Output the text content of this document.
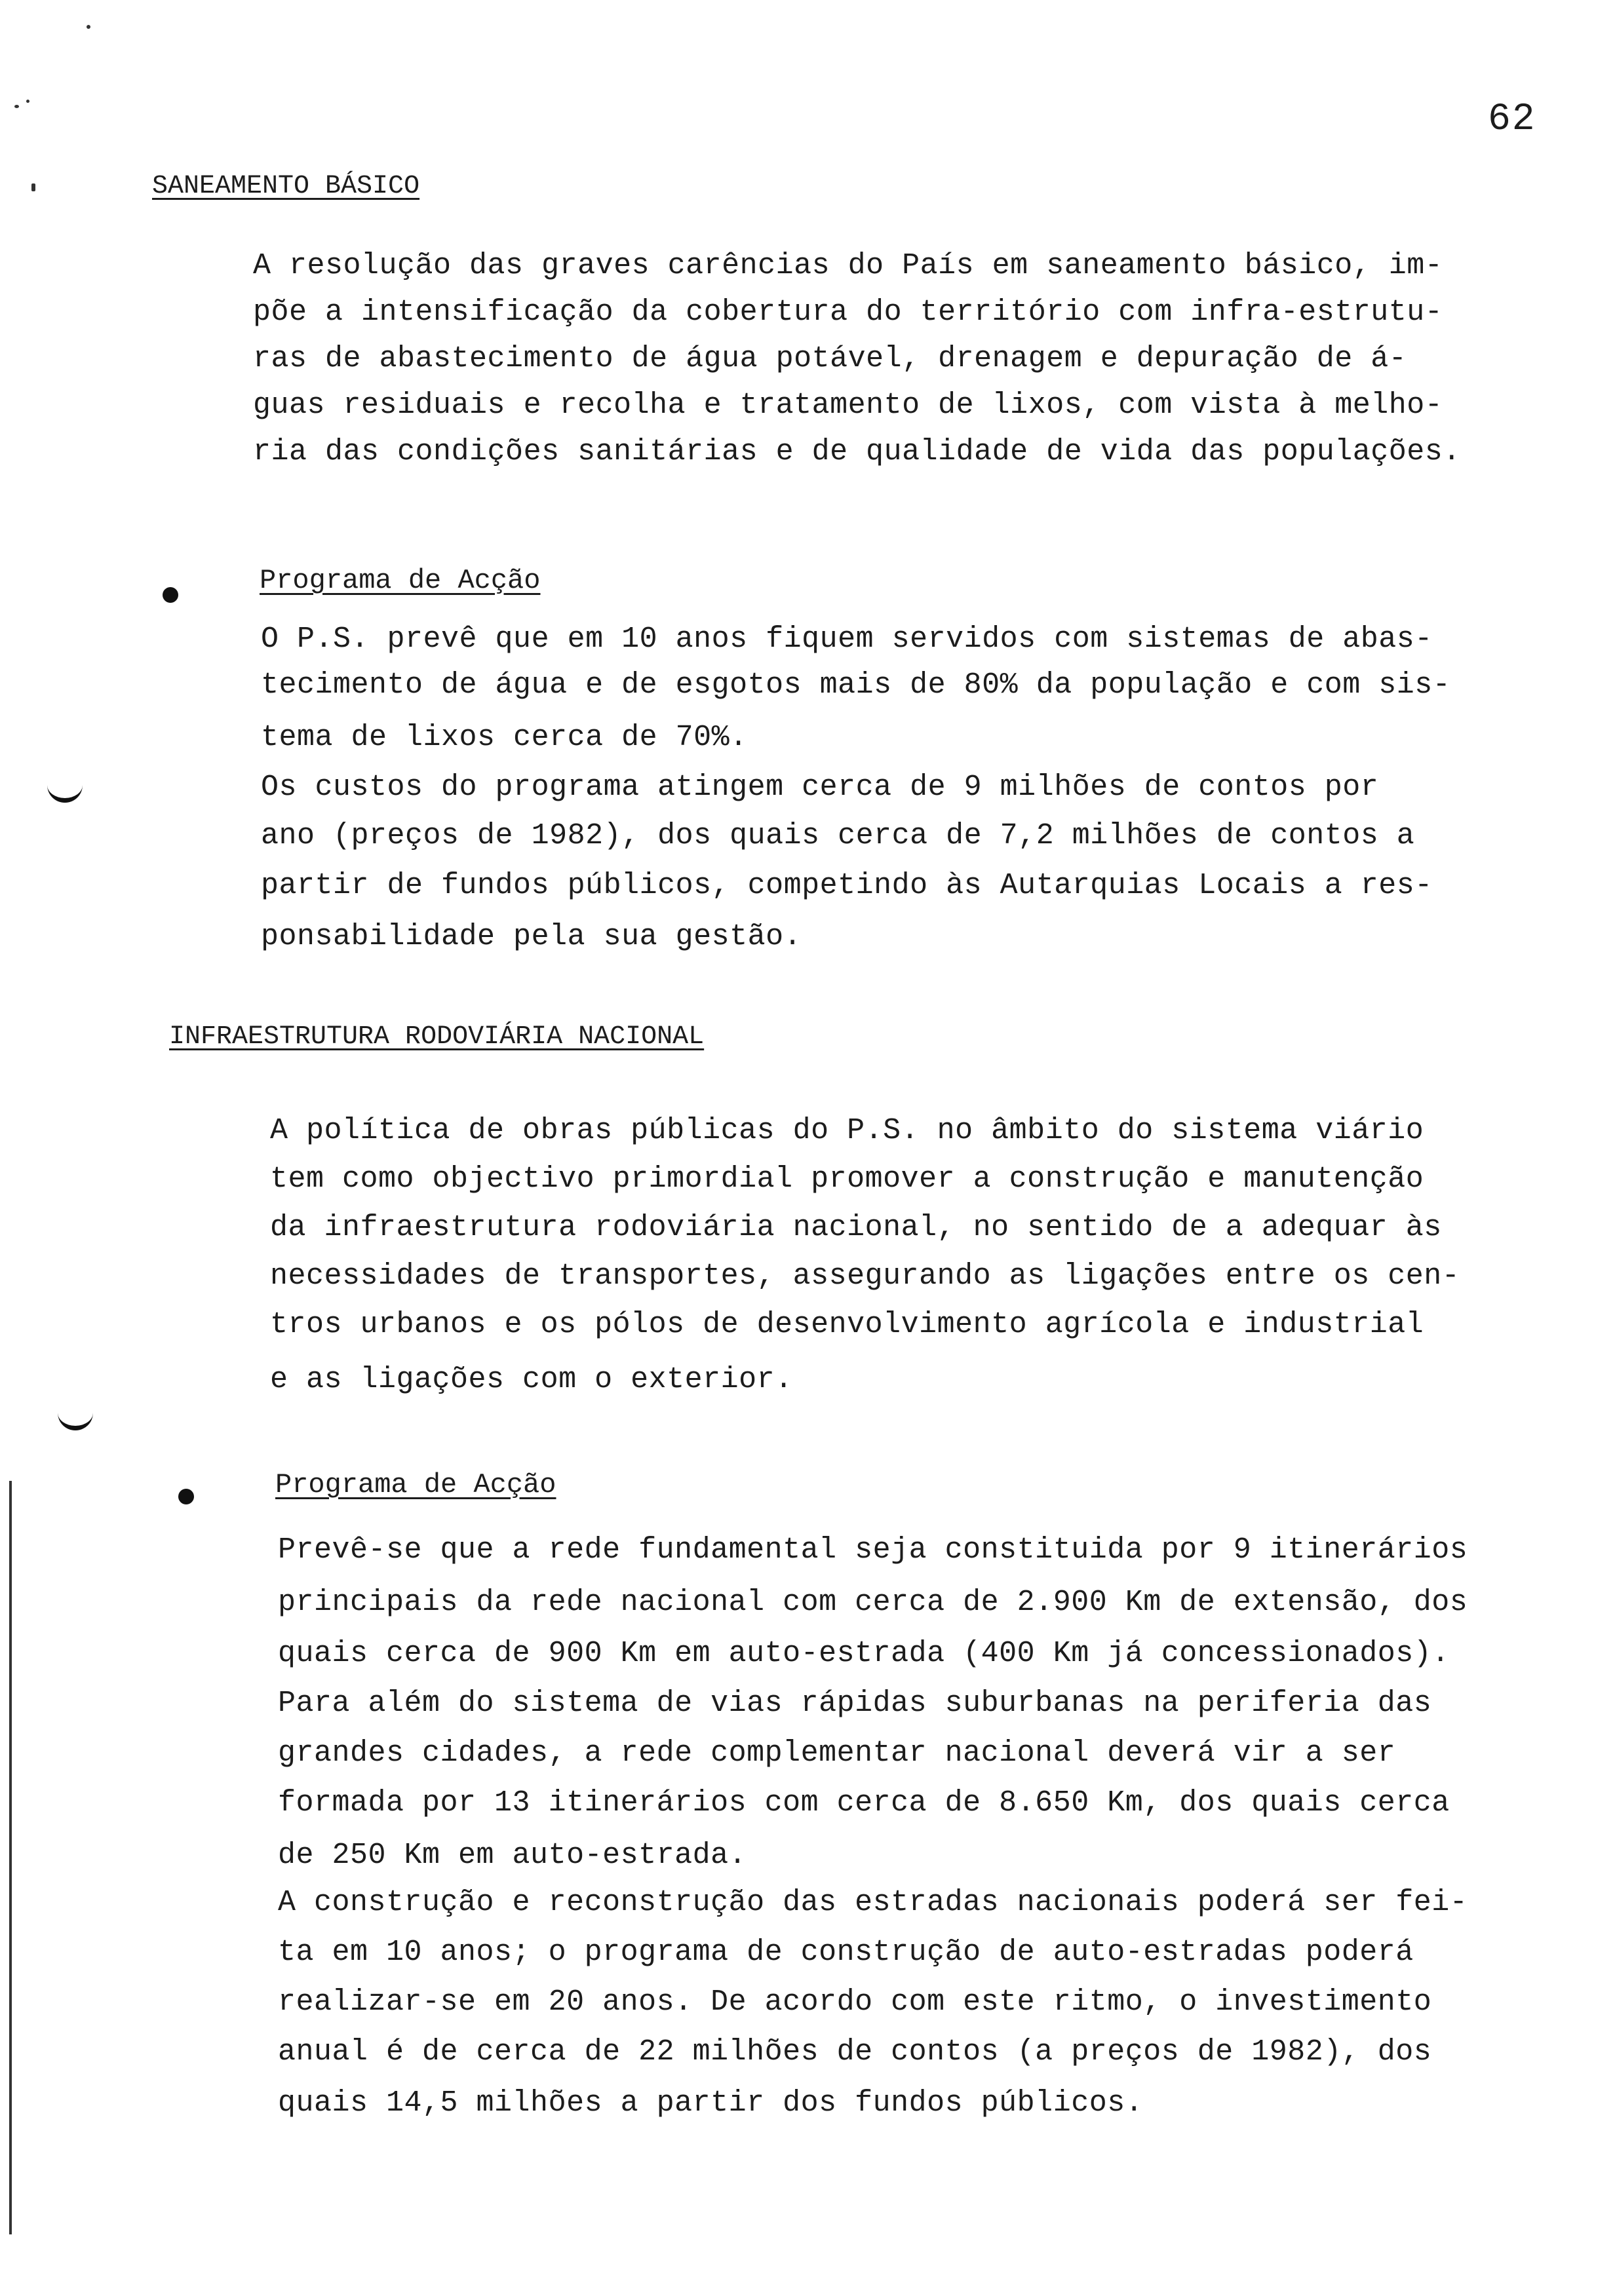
62
SANEAMENTO BÁSICO
A resolução das graves carências do País em saneamento básico, im-
põe a intensificação da cobertura do território com infra-estrutu-
ras de abastecimento de água potável, drenagem e depuração de á-
guas residuais e recolha e tratamento de lixos, com vista à melho-
ria das condições sanitárias e de qualidade de vida das populações.
Programa de Acção
O P.S. prevê que em 10 anos fiquem servidos com sistemas de abas-
tecimento de água e de esgotos mais de 80% da população e com sis-
tema de lixos cerca de 70%.
Os custos do programa atingem cerca de 9 milhões de contos por
ano (preços de 1982), dos quais cerca de 7,2 milhões de contos a
partir de fundos públicos, competindo às Autarquias Locais a res-
ponsabilidade pela sua gestão.
INFRAESTRUTURA RODOVIÁRIA NACIONAL
A política de obras públicas do P.S. no âmbito do sistema viário
tem como objectivo primordial promover a construção e manutenção
da infraestrutura rodoviária nacional, no sentido de a adequar às
necessidades de transportes, assegurando as ligações entre os cen-
tros urbanos e os pólos de desenvolvimento agrícola e industrial
e as ligações com o exterior.
Programa de Acção
Prevê-se que a rede fundamental seja constituida por 9 itinerários
principais da rede nacional com cerca de 2.900 Km de extensão, dos
quais cerca de 900 Km em auto-estrada (400 Km já concessionados).
Para além do sistema de vias rápidas suburbanas na periferia das
grandes cidades, a rede complementar nacional deverá vir a ser
formada por 13 itinerários com cerca de 8.650 Km, dos quais cerca
de 250 Km em auto-estrada.
A construção e reconstrução das estradas nacionais poderá ser fei-
ta em 10 anos; o programa de construção de auto-estradas poderá
realizar-se em 20 anos. De acordo com este ritmo, o investimento
anual é de cerca de 22 milhões de contos (a preços de 1982), dos
quais 14,5 milhões a partir dos fundos públicos.
